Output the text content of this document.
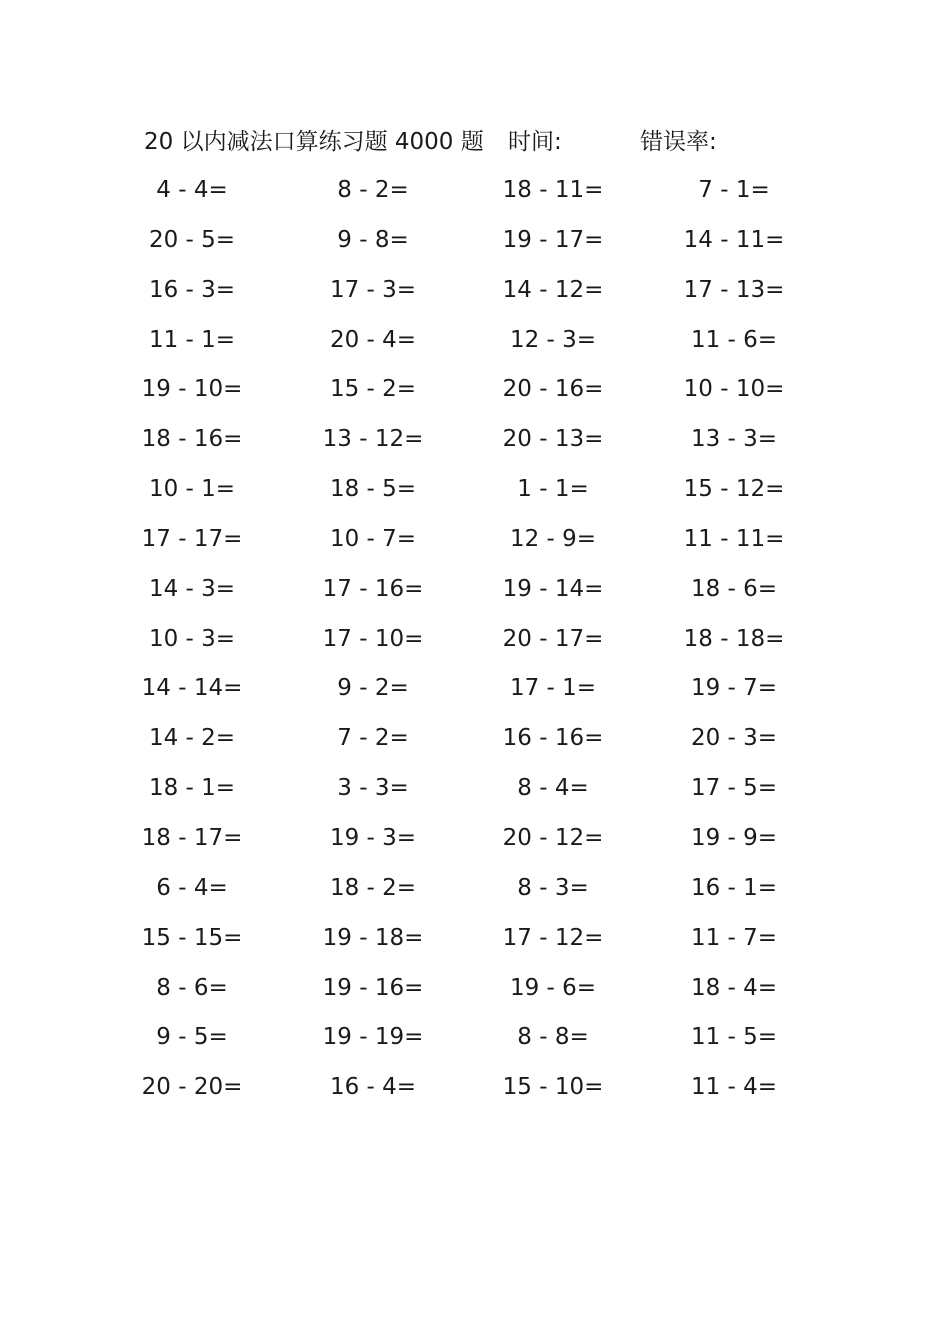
20 以内减法口算练习题 4000 题 时间:	错误率:
4 - 4=	8 - 2=	18 - 11=	7 - 1=
20 - 5=	9 - 8=	19 - 17=	14 - 11=
16 - 3=	17 - 3=	14 - 12=	17 - 13=
11 - 1=	20 - 4=	12 - 3=	11 - 6=
19 - 10=	15 - 2=	20 - 16=	10 - 10=
18 - 16=	13 - 12=	20 - 13=	13 - 3=
10 - 1=	18 - 5=	1 - 1=	15 - 12=
17 - 17=	10 - 7=	12 - 9=	11 - 11=
14 - 3=	17 - 16=	19 - 14=	18 - 6=
10 - 3=	17 - 10=	20 - 17=	18 - 18=
14 - 14=	9 - 2=	17 - 1=	19 - 7=
14 - 2=	7 - 2=	16 - 16=	20 - 3=
18 - 1=	3 - 3=	8 - 4=	17 - 5=
18 - 17=	19 - 3=	20 - 12=	19 - 9=
6 - 4=	18 - 2=	8 - 3=	16 - 1=
15 - 15=	19 - 18=	17 - 12=	11 - 7=
8 - 6=	19 - 16=	19 - 6=	18 - 4=
9 - 5=	19 - 19=	8 - 8=	11 - 5=
20 - 20=	16 - 4=	15 - 10=	11 - 4=
